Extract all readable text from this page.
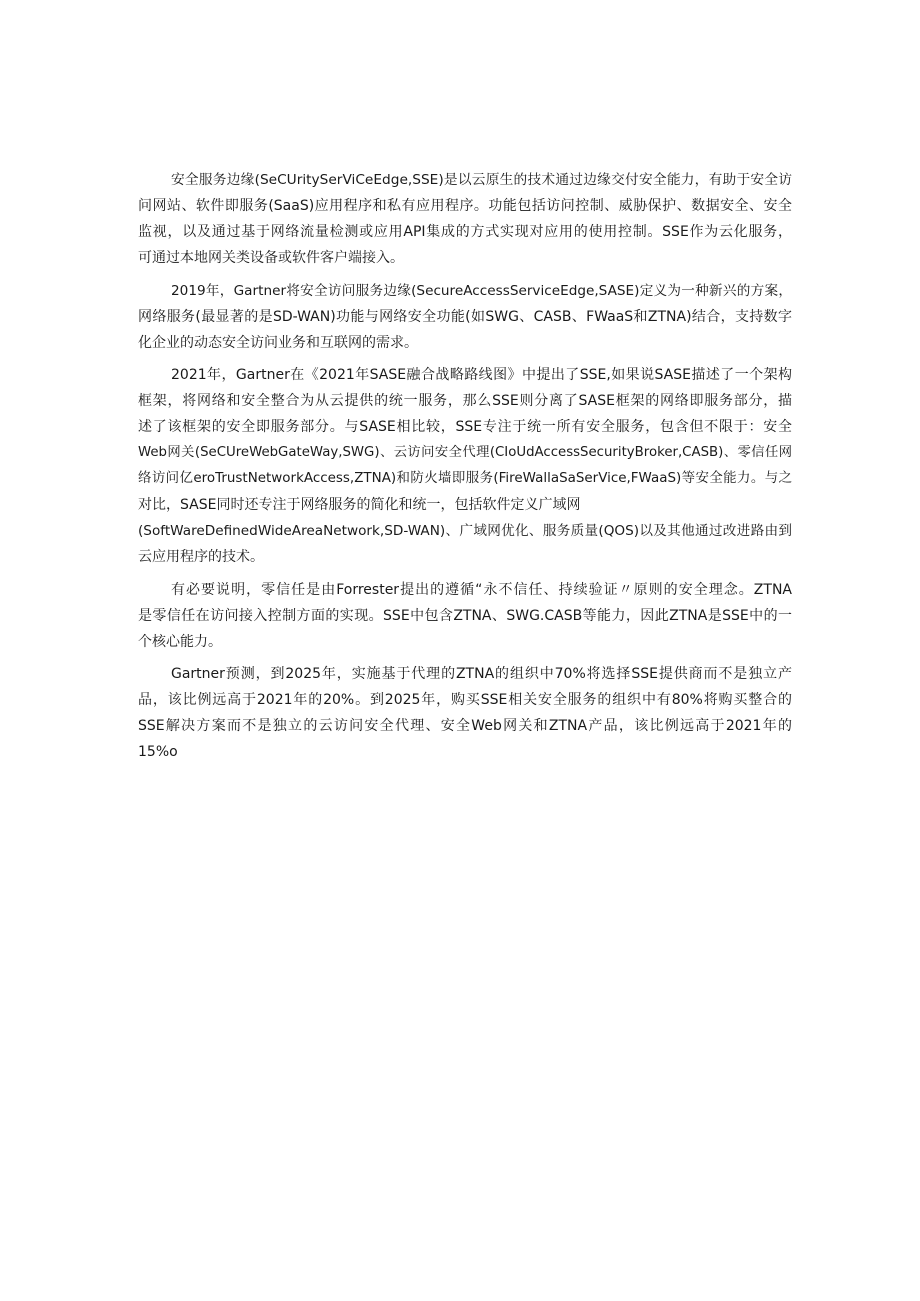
安全服务边缘(SeCUritySerViCeEdge,SSE)是以云原生的技术通过边缘交付安全能力，有助于安全访
问网站、软件即服务(SaaS)应用程序和私有应用程序。功能包括访问控制、威胁保护、数据安全、安全
监视，以及通过基于网络流量检测或应用API集成的方式实现对应用的使用控制。SSE作为云化服务，
可通过本地网关类设备或软件客户端接入。

2019年，Gartner将安全访问服务边缘(SecureAccessServiceEdge,SASE)定义为一种新兴的方案，
网络服务(最显著的是SD-WAN)功能与网络安全功能(如SWG、CASB、FWaaS和ZTNA)结合，支持数字
化企业的动态安全访问业务和互联网的需求。

2021年，Gartner在《2021年SASE融合战略路线图》中提出了SSE,如果说SASE描述了一个架构
框架，将网络和安全整合为从云提供的统一服务，那么SSE则分离了SASE框架的网络即服务部分，描
述了该框架的安全即服务部分。与SASE相比较，SSE专注于统一所有安全服务，包含但不限于：安全
Web网关(SeCUreWebGateWay,SWG)、云访问安全代理(CIoUdAccessSecurityBroker,CASB)、零信任网
络访问亿eroTrustNetworkAccess,ZTNA)和防火墙即服务(FireWallaSaSerVice,FWaaS)等安全能力。与之
对比，SASE同时还专注于网络服务的简化和统一，包括软件定义广域网
(SoftWareDefinedWideAreaNetwork,SD-WAN)、广域网优化、服务质量(QOS)以及其他通过改进路由到
云应用程序的技术。

有必要说明，零信任是由Forrester提出的遵循“永不信任、持续验证〃原则的安全理念。ZTNA
是零信任在访问接入控制方面的实现。SSE中包含ZTNA、SWG.CASB等能力，因此ZTNA是SSE中的一
个核心能力。

Gartner预测，到2025年，实施基于代理的ZTNA的组织中70%将选择SSE提供商而不是独立产
品，该比例远高于2021年的20%。到2025年，购买SSE相关安全服务的组织中有80%将购买整合的
SSE解决方案而不是独立的云访问安全代理、安全Web网关和ZTNA产品，该比例远高于2021年的
15%o
